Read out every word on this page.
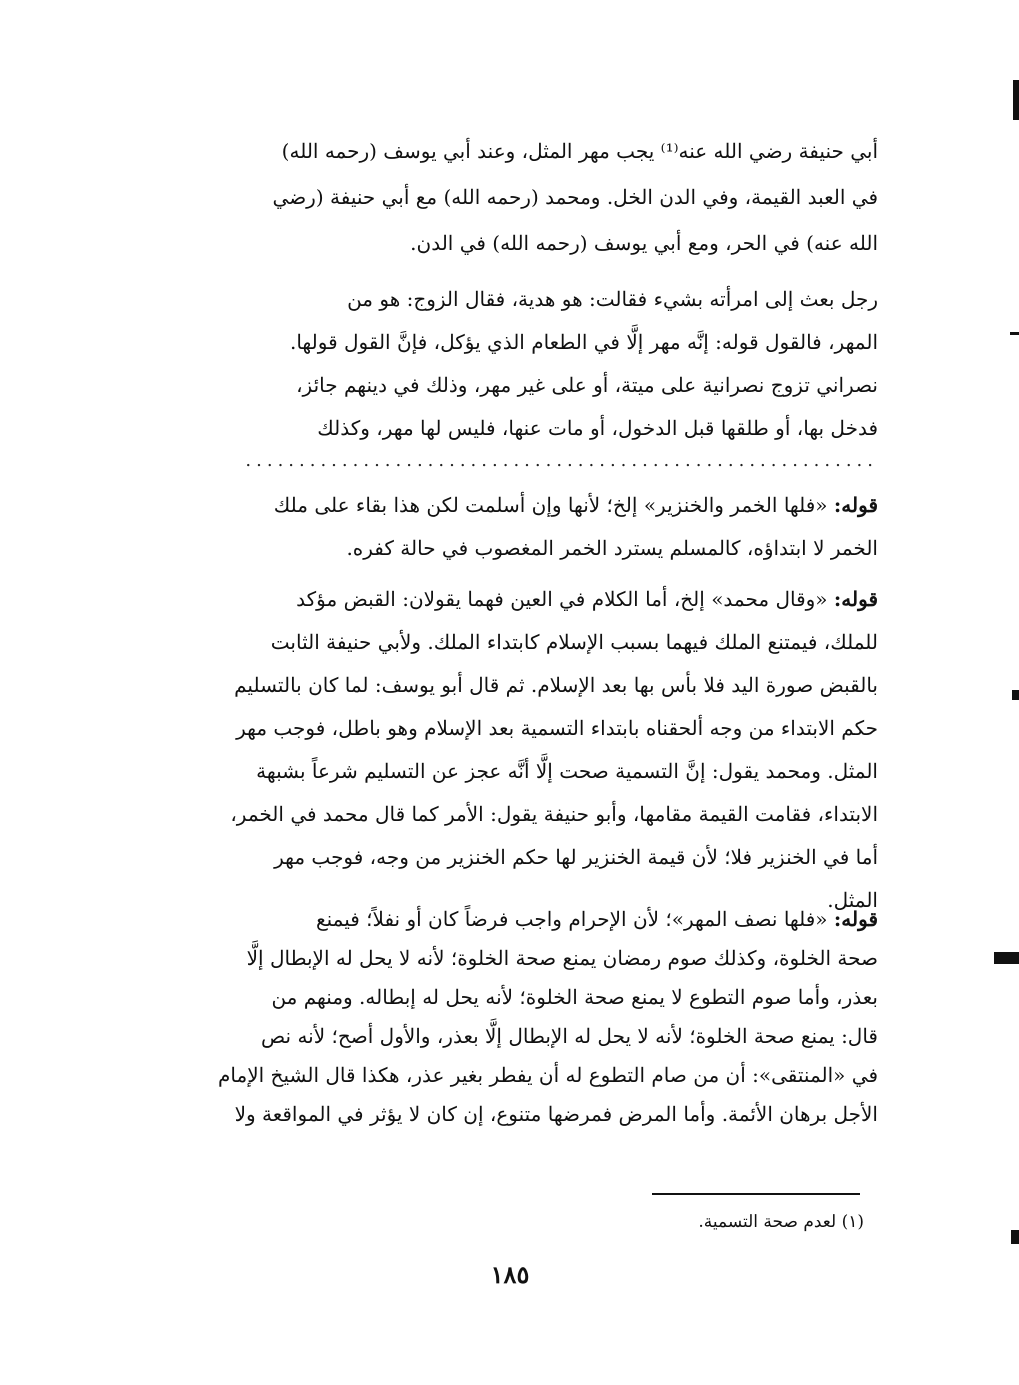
أبي حنيفة رضي الله عنه⁽¹⁾ يجب مهر المثل، وعند أبي يوسف (رحمه الله)
في العبد القيمة، وفي الدن الخل. ومحمد (رحمه الله) مع أبي حنيفة (رضي
الله عنه) في الحر، ومع أبي يوسف (رحمه الله) في الدن.
رجل بعث إلى امرأته بشيء فقالت: هو هدية، فقال الزوج: هو من
المهر، فالقول قوله: إنَّه مهر إلَّا في الطعام الذي يؤكل، فإنَّ القول قولها.
نصراني تزوج نصرانية على ميتة، أو على غير مهر، وذلك في دينهم جائز،
فدخل بها، أو طلقها قبل الدخول، أو مات عنها، فليس لها مهر، وكذلك
...........................................................
قوله: «فلها الخمر والخنزير» إلخ؛ لأنها وإن أسلمت لكن هذا بقاء على ملك
الخمر لا ابتداؤه، كالمسلم يسترد الخمر المغصوب في حالة كفره.
قوله: «وقال محمد» إلخ، أما الكلام في العين فهما يقولان: القبض مؤكد
للملك، فيمتنع الملك فيهما بسبب الإسلام كابتداء الملك. ولأبي حنيفة الثابت
بالقبض صورة اليد فلا بأس بها بعد الإسلام. ثم قال أبو يوسف: لما كان بالتسليم
حكم الابتداء من وجه ألحقناه بابتداء التسمية بعد الإسلام وهو باطل، فوجب مهر
المثل. ومحمد يقول: إنَّ التسمية صحت إلَّا أنَّه عجز عن التسليم شرعاً بشبهة
الابتداء، فقامت القيمة مقامها، وأبو حنيفة يقول: الأمر كما قال محمد في الخمر،
أما في الخنزير فلا؛ لأن قيمة الخنزير لها حكم الخنزير من وجه، فوجب مهر
المثل.
قوله: «فلها نصف المهر»؛ لأن الإحرام واجب فرضاً كان أو نفلاً؛ فيمنع
صحة الخلوة، وكذلك صوم رمضان يمنع صحة الخلوة؛ لأنه لا يحل له الإبطال إلَّا
بعذر، وأما صوم التطوع لا يمنع صحة الخلوة؛ لأنه يحل له إبطاله. ومنهم من
قال: يمنع صحة الخلوة؛ لأنه لا يحل له الإبطال إلَّا بعذر، والأول أصح؛ لأنه نص
في «المنتقى»: أن من صام التطوع له أن يفطر بغير عذر، هكذا قال الشيخ الإمام
الأجل برهان الأئمة. وأما المرض فمرضها متنوع، إن كان لا يؤثر في المواقعة ولا
(١) لعدم صحة التسمية.
١٨٥
